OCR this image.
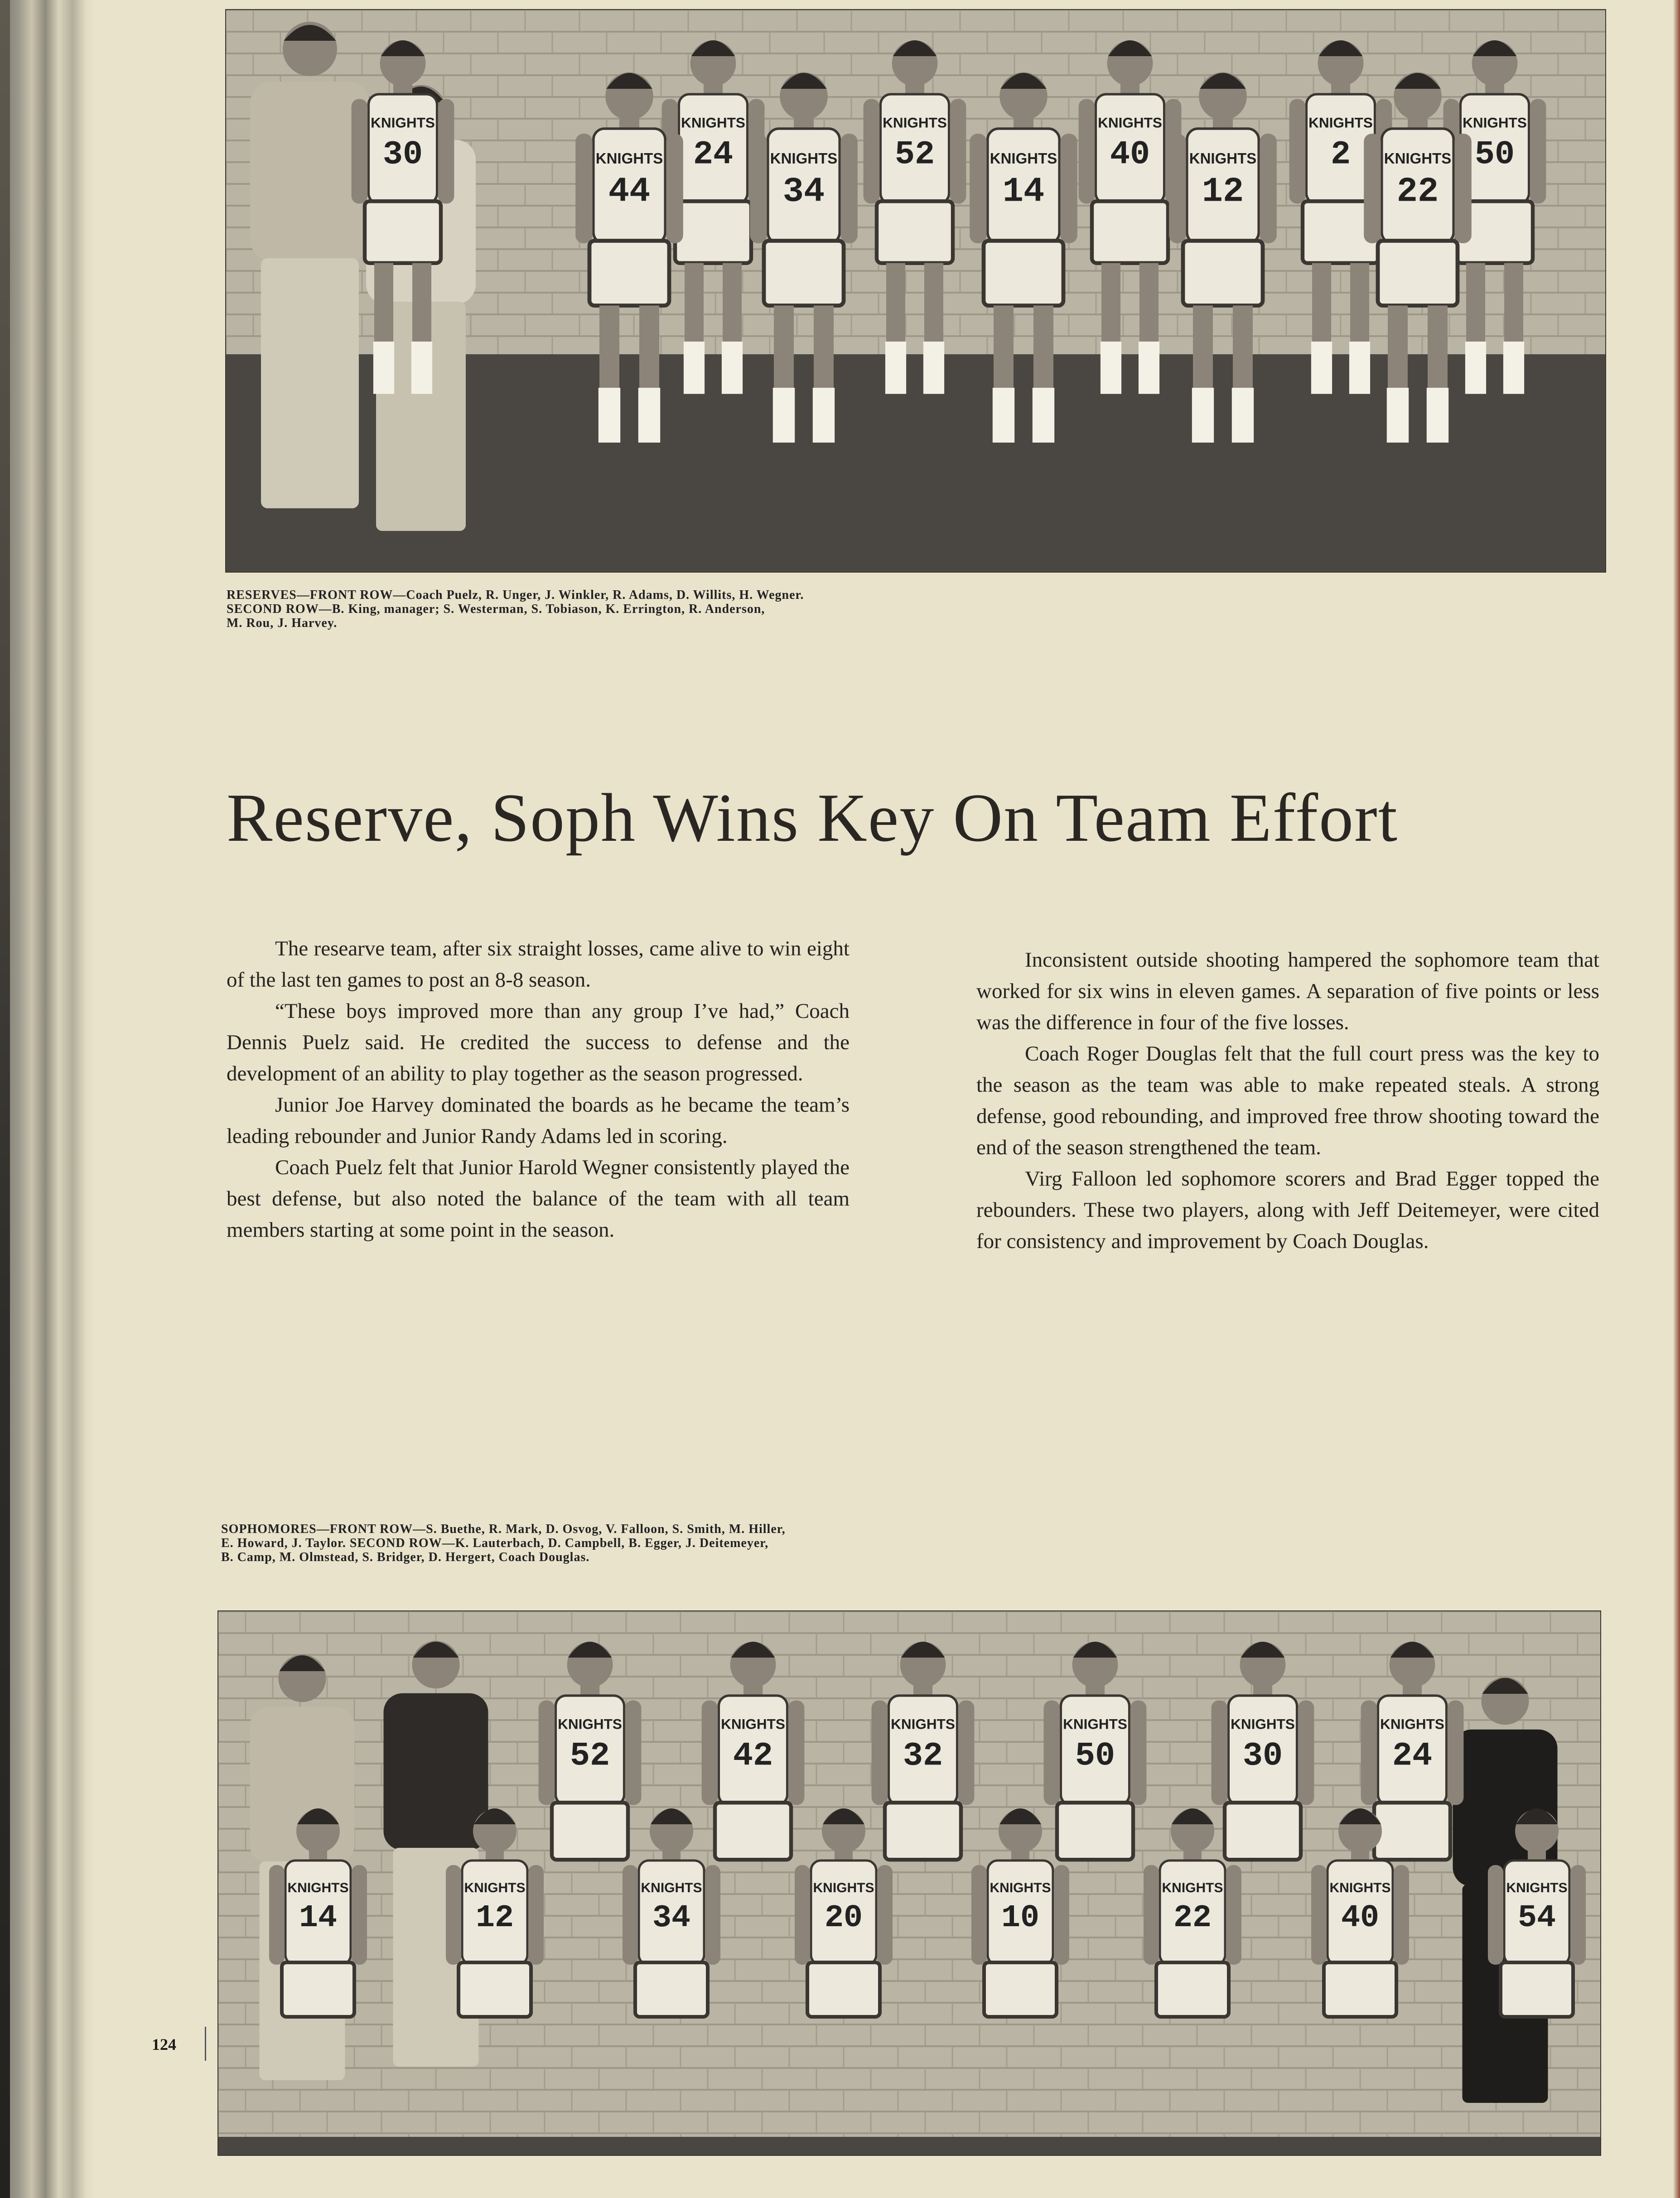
KNIGHTS
30
KNIGHTS
24
KNIGHTS
52
KNIGHTS
40
KNIGHTS
2
KNIGHTS
50
KNIGHTS
44
KNIGHTS
34
KNIGHTS
14
KNIGHTS
12
KNIGHTS
22
RESERVES—FRONT ROW—Coach Puelz, R. Unger, J. Winkler, R. Adams, D. Willits, H. Wegner.
SECOND ROW—B. King, manager; S. Westerman, S. Tobiason, K. Errington, R. Anderson,
M. Rou, J. Harvey.
Reserve, Soph Wins Key On Team Effort

The researve team, after six straight losses, came alive to win eight of the last ten games to post an 8-8 season.

“These boys improved more than any group I’ve had,” Coach Dennis Puelz said. He credited the success to defense and the development of an ability to play together as the season progressed.

Junior Joe Harvey dominated the boards as he became the team’s leading rebounder and Junior Randy Adams led in scoring.

Coach Puelz felt that Junior Harold Wegner consistently played the best defense, but also noted the balance of the team with all team members starting at some point in the season.

Inconsistent outside shooting hampered the sophomore team that worked for six wins in eleven games. A separation of five points or less was the difference in four of the five losses.

Coach Roger Douglas felt that the full court press was the key to the season as the team was able to make repeated steals. A strong defense, good rebounding, and improved free throw shooting toward the end of the season strengthened the team.

Virg Falloon led sophomore scorers and Brad Egger topped the rebounders. These two players, along with Jeff Deitemeyer, were cited for consistency and improvement by Coach Douglas.

SOPHOMORES—FRONT ROW—S. Buethe, R. Mark, D. Osvog, V. Falloon, S. Smith, M. Hiller,
E. Howard, J. Taylor. SECOND ROW—K. Lauterbach, D. Campbell, B. Egger, J. Deitemeyer,
B. Camp, M. Olmstead, S. Bridger, D. Hergert, Coach Douglas.
KNIGHTS
52
KNIGHTS
42
KNIGHTS
32
KNIGHTS
50
KNIGHTS
30
KNIGHTS
24
KNIGHTS
14
KNIGHTS
12
KNIGHTS
34
KNIGHTS
20
KNIGHTS
10
KNIGHTS
22
KNIGHTS
40
KNIGHTS
54
124
